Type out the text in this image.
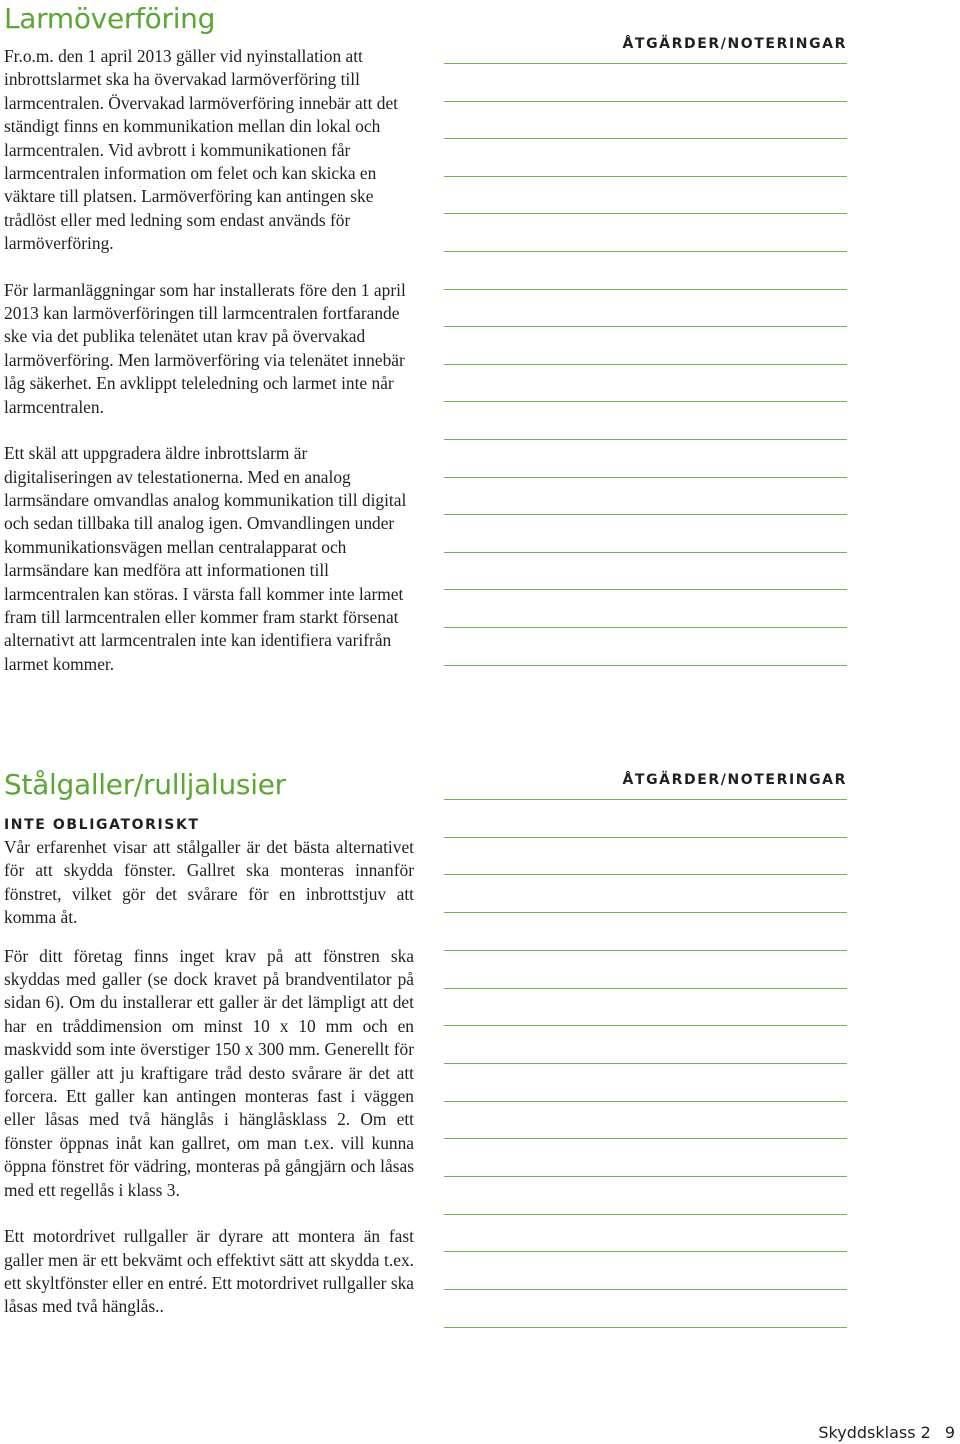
Larmöverföring

Fr.o.m. den 1 april 2013 gäller vid nyinstallation att inbrottslarmet ska ha övervakad larmöverföring till larmcentralen. Övervakad larmöverföring innebär att det ständigt finns en kommunikation mellan din lokal och larmcentralen. Vid avbrott i kommunikationen får larmcentralen information om felet och kan skicka en väktare till platsen. Larmöverföring kan antingen ske trådlöst eller med ledning som endast används för larmöverföring.

För larmanläggningar som har installerats före den 1 april 2013 kan larmöverföringen till larmcentralen fortfarande ske via det publika telenätet utan krav på övervakad larmöverföring. Men larmöverföring via telenätet innebär låg säkerhet. En avklippt teleledning och larmet inte når larmcentralen.

Ett skäl att uppgradera äldre inbrottslarm är digitaliseringen av telestationerna. Med en analog larmsändare omvandlas analog kommunikation till digital och sedan tillbaka till analog igen. Omvandlingen under kommunikationsvägen mellan centralapparat och larmsändare kan medföra att informationen till larmcentralen kan störas. I värsta fall kommer inte larmet fram till larmcentralen eller kommer fram starkt försenat alternativt att larmcentralen inte kan identifiera varifrån larmet kommer.

ÅTGÄRDER/NOTERINGAR
Stålgaller/rulljalusier

INTE OBLIGATORISKT

Vår erfarenhet visar att stålgaller är det bästa alternativet för att skydda fönster. Gallret ska monteras innanför fönstret, vilket gör det svårare för en inbrottstjuv att komma åt.

För ditt företag finns inget krav på att fönstren ska skyddas med galler (se dock kravet på brandventilator på sidan 6). Om du installerar ett galler är det lämpligt att det har en tråddimension om minst 10 x 10 mm och en maskvidd som inte överstiger 150 x 300 mm. Generellt för galler gäller att ju kraftigare tråd desto svårare är det att forcera. Ett galler kan antingen monteras fast i väggen eller låsas med två hänglås i hänglåsklass 2. Om ett fönster öppnas inåt kan gallret, om man t.ex. vill kunna öppna fönstret för vädring, monteras på gångjärn och låsas med ett regellås i klass 3.

Ett motordrivet rullgaller är dyrare att montera än fast galler men är ett bekvämt och effektivt sätt att skydda t.ex. ett skyltfönster eller en entré. Ett motordrivet rullgaller ska låsas med två hänglås..

ÅTGÄRDER/NOTERINGAR
Skyddsklass 2 9
